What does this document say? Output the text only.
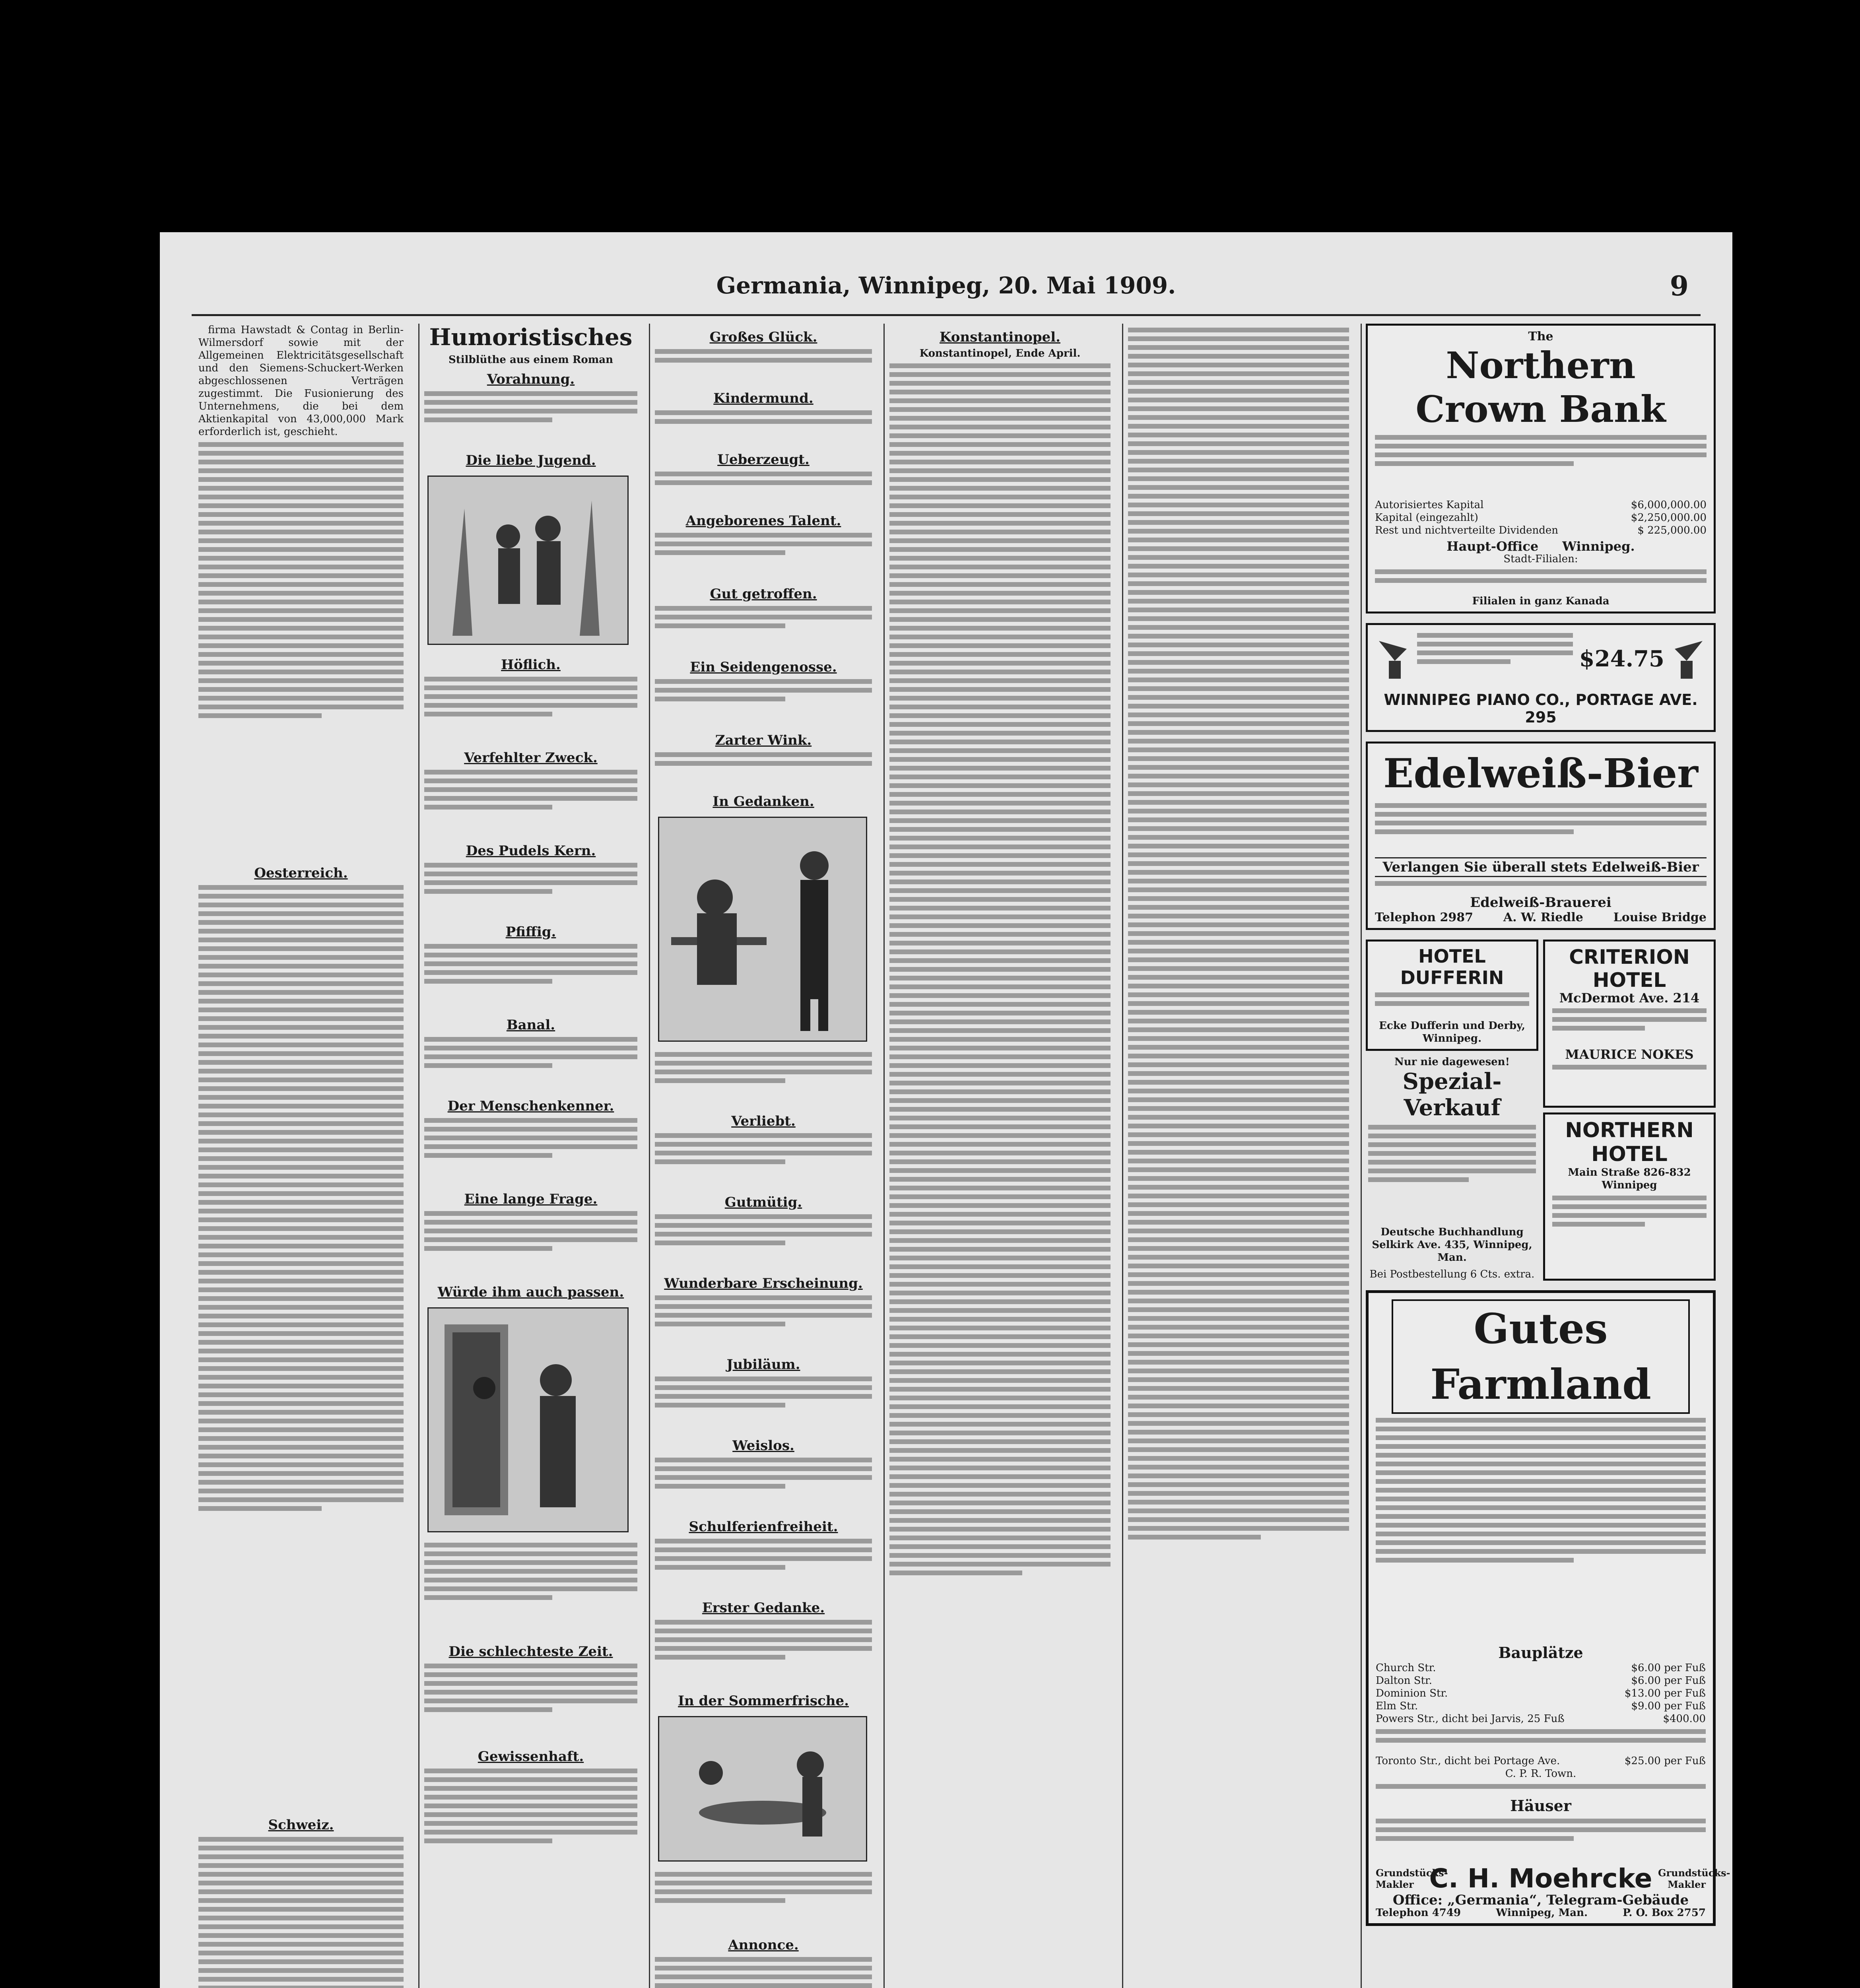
Germania, Winnipeg, 20. Mai 1909.	9

firma Hawstadt & Contag in Berlin-Wilmersdorf sowie mit der Allgemeinen Elektricitätsgesellschaft und den Siemens-Schuckert-Werken abgeschlossenen Verträgen zugestimmt. Die Fusionierung des Unternehmens, die bei dem Aktienkapital von 43,000,000 Mark erforderlich ist, geschieht.

Oesterreich.
Schweiz.
Humoristisches
Stilblüthe aus einem Roman
Vorahnung.
Die liebe Jugend.
Höflich.
Verfehlter Zweck.
Des Pudels Kern.
Pfiffig.
Banal.
Der Menschenkenner.
Eine lange Frage.
Würde ihm auch passen.
Die schlechteste Zeit.
Gewissenhaft.
Großes Glück.
Kindermund.
Ueberzeugt.
Angeborenes Talent.
Gut getroffen.
Ein Seidengenosse.
Zarter Wink.
In Gedanken.
Verliebt.
Gutmütig.
Wunderbare Erscheinung.
Jubiläum.
Weislos.
Schulferienfreiheit.
Erster Gedanke.
In der Sommerfrische.
Annonce.
Konstantinopel.
Konstantinopel, Ende April.
The
Northern Crown Bank
Autorisiertes Kapital	$6,000,000.00
Kapital (eingezahlt)	$2,250,000.00
Rest und nichtverteilte Dividenden	$ 225,000.00
Haupt-Office Winnipeg.
Stadt-Filialen:
Filialen in ganz Kanada
$24.75
WINNIPEG PIANO CO., PORTAGE AVE. 295
Edelweiß-Bier
Verlangen Sie überall stets Edelweiß-Bier
Edelweiß-Brauerei
Telephon 2987	A. W. Riedle	Louise Bridge
HOTEL DUFFERIN
Ecke Dufferin und Derby, Winnipeg.
Nur nie dagewesen!
Spezial-Verkauf
Deutsche Buchhandlung
Selkirk Ave. 435, Winnipeg, Man.
Bei Postbestellung 6 Cts. extra.
CRITERION HOTEL
McDermot Ave. 214
MAURICE NOKES
NORTHERN HOTEL
Main Straße 826-832
Winnipeg
Gutes Farmland
Bauplätze
Church Str.	$6.00 per Fuß
Dalton Str.	$6.00 per Fuß
Dominion Str.	$13.00 per Fuß
Elm Str.	$9.00 per Fuß
Powers Str., dicht bei Jarvis, 25 Fuß	$400.00
Toronto Str., dicht bei Portage Ave.	$25.00 per Fuß
C. P. R. Town.
Häuser
Grundstücks-Makler C. H. Moehrcke Grundstücks-Makler
Office: „Germania“, Telegram-Gebäude
Telephon 4749	Winnipeg, Man.	P. O. Box 2757
